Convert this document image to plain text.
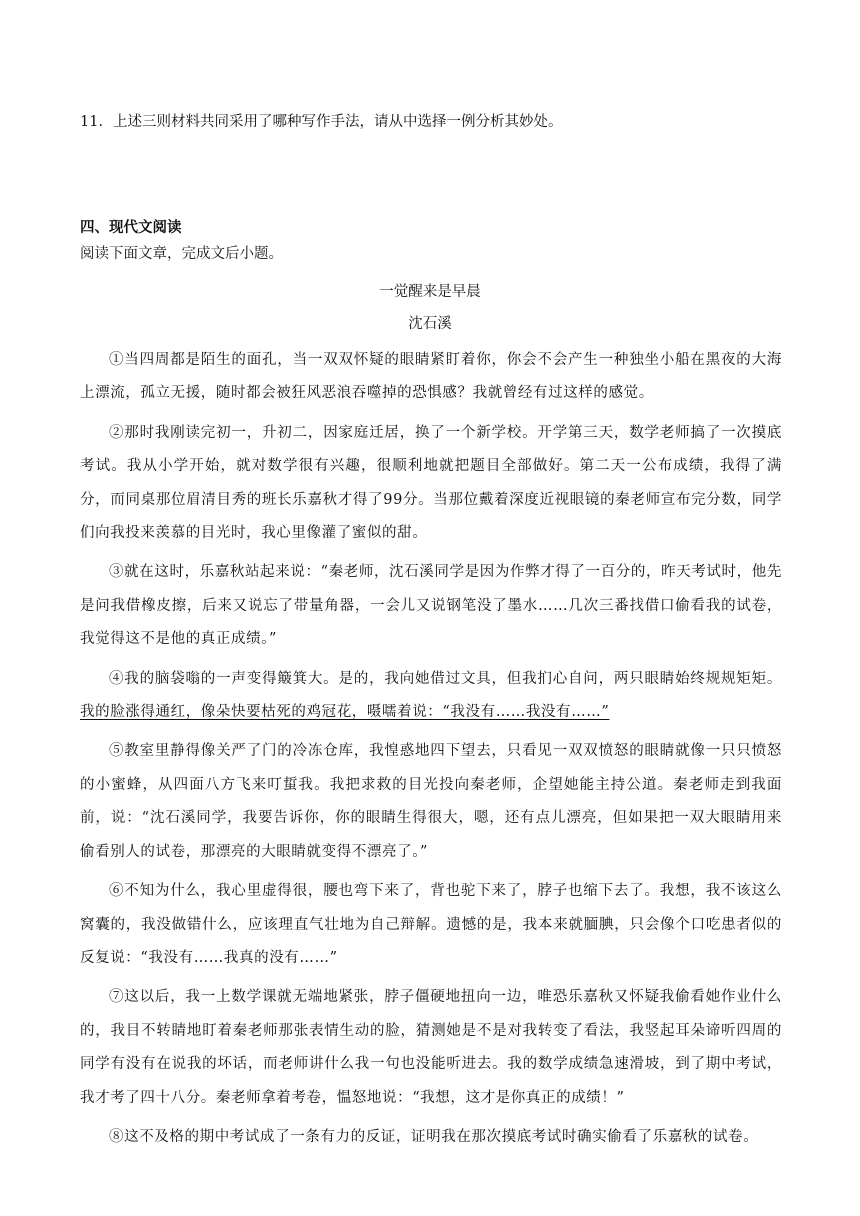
11．上述三则材料共同采用了哪种写作手法，请从中选择一例分析其妙处。
四、现代文阅读
阅读下面文章，完成文后小题。
一觉醒来是早晨
沈石溪

①当四周都是陌生的面孔，当一双双怀疑的眼睛紧盯着你，你会不会产生一种独坐小船在黑夜的大海上漂流，孤立无援，随时都会被狂风恶浪吞噬掉的恐惧感？我就曾经有过这样的感觉。

②那时我刚读完初一，升初二，因家庭迁居，换了一个新学校。开学第三天，数学老师搞了一次摸底考试。我从小学开始，就对数学很有兴趣，很顺利地就把题目全部做好。第二天一公布成绩，我得了满分，而同桌那位眉清目秀的班长乐嘉秋才得了99分。当那位戴着深度近视眼镜的秦老师宣布完分数，同学们向我投来羡慕的目光时，我心里像灌了蜜似的甜。

③就在这时，乐嘉秋站起来说：“秦老师，沈石溪同学是因为作弊才得了一百分的，昨天考试时，他先是问我借橡皮擦，后来又说忘了带量角器，一会儿又说钢笔没了墨水……几次三番找借口偷看我的试卷，我觉得这不是他的真正成绩。”

④我的脑袋嗡的一声变得簸箕大。是的，我向她借过文具，但我扪心自问，两只眼睛始终规规矩矩。我的脸涨得通红，像朵快要枯死的鸡冠花，嗫嚅着说：“我没有……我没有……”

⑤教室里静得像关严了门的冷冻仓库，我惶惑地四下望去，只看见一双双愤怒的眼睛就像一只只愤怒的小蜜蜂，从四面八方飞来叮蜇我。我把求救的目光投向秦老师，企望她能主持公道。秦老师走到我面前，说：“沈石溪同学，我要告诉你，你的眼睛生得很大，嗯，还有点儿漂亮，但如果把一双大眼睛用来偷看别人的试卷，那漂亮的大眼睛就变得不漂亮了。”

⑥不知为什么，我心里虚得很，腰也弯下来了，背也驼下来了，脖子也缩下去了。我想，我不该这么窝囊的，我没做错什么，应该理直气壮地为自己辩解。遗憾的是，我本来就腼腆，只会像个口吃患者似的反复说：“我没有……我真的没有……”

⑦这以后，我一上数学课就无端地紧张，脖子僵硬地扭向一边，唯恐乐嘉秋又怀疑我偷看她作业什么的，我目不转睛地盯着秦老师那张表情生动的脸，猜测她是不是对我转变了看法，我竖起耳朵谛听四周的同学有没有在说我的坏话，而老师讲什么我一句也没能听进去。我的数学成绩急速滑坡，到了期中考试，我才考了四十八分。秦老师拿着考卷，愠怒地说：“我想，这才是你真正的成绩！”

⑧这不及格的期中考试成了一条有力的反证，证明我在那次摸底考试时确实偷看了乐嘉秋的试卷。
